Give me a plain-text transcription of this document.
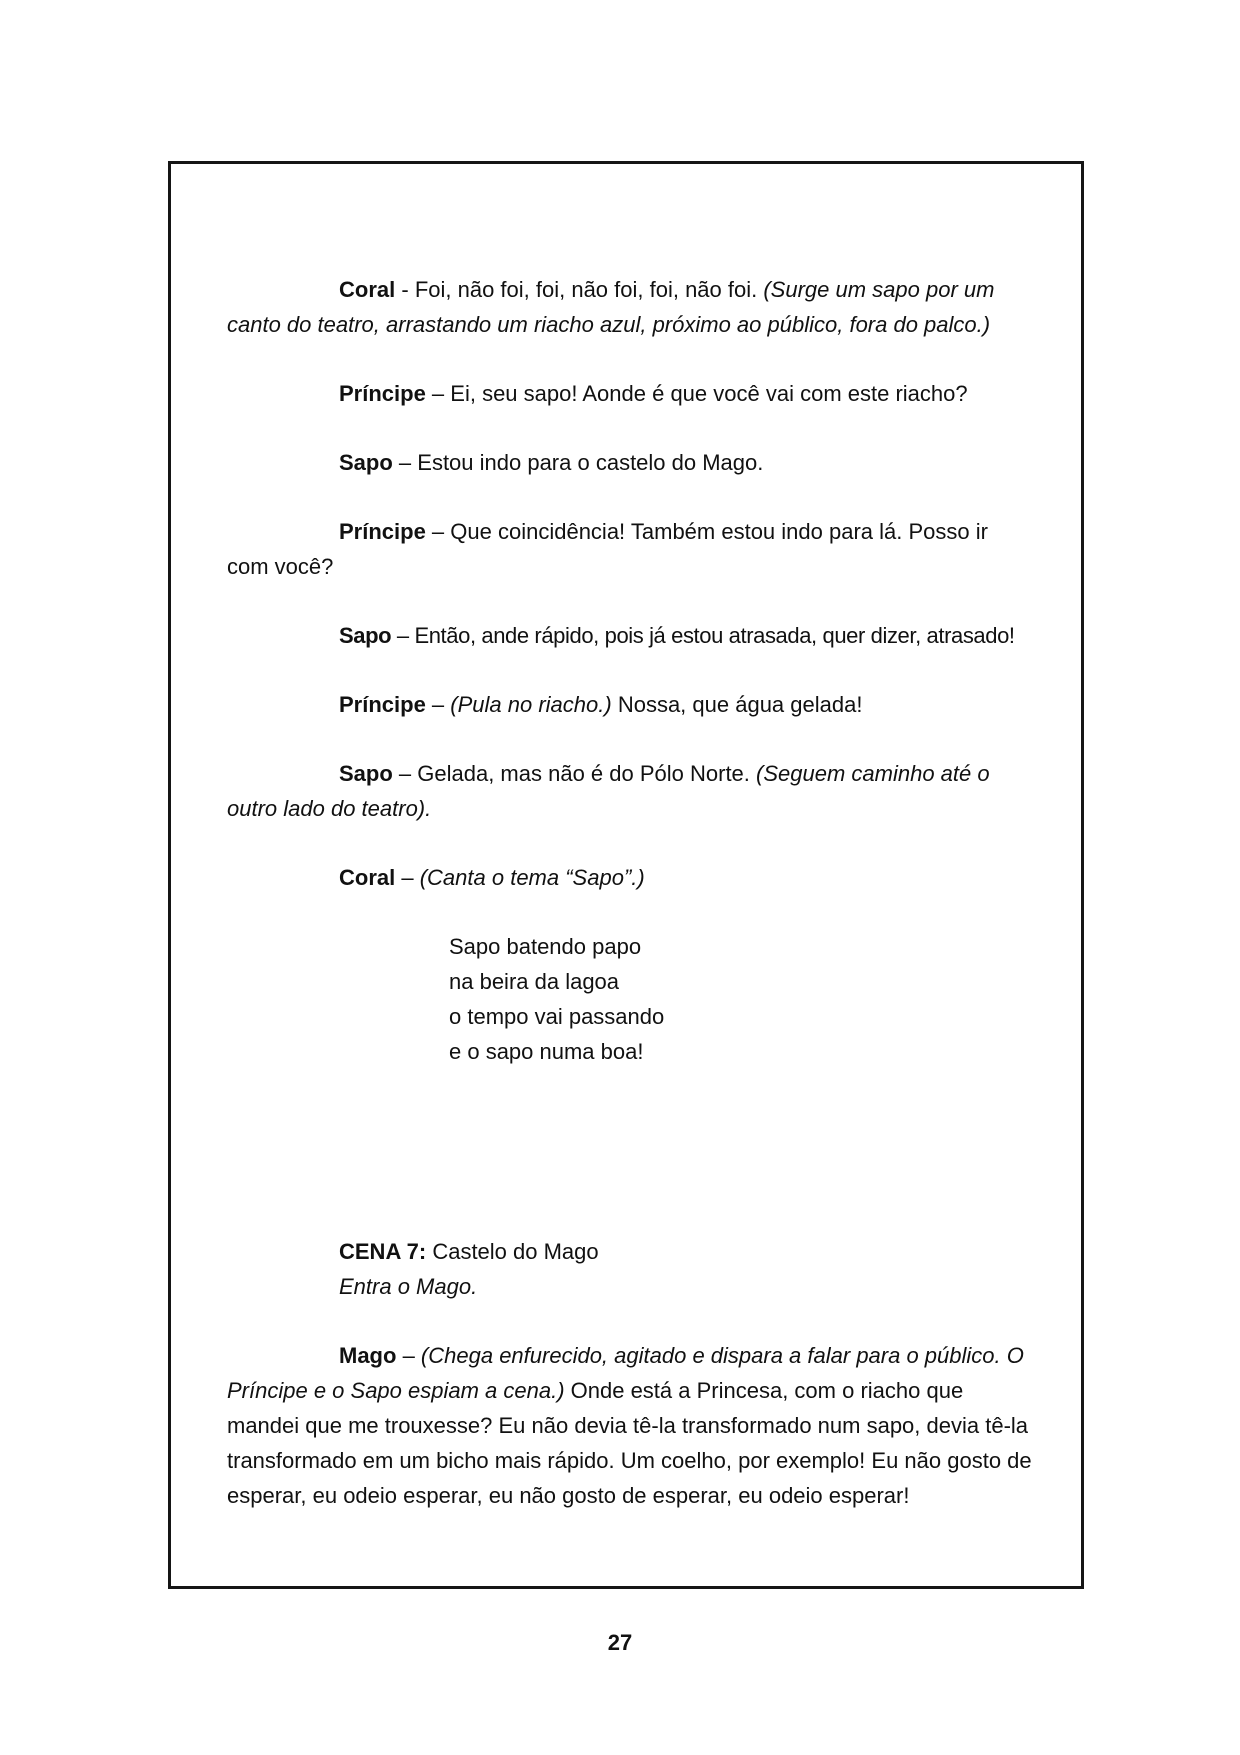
Coral - Foi, não foi, foi, não foi, foi, não foi. (Surge um sapo por um canto do teatro, arrastando um riacho azul, próximo ao público, fora do palco.)

Príncipe – Ei, seu sapo! Aonde é que você vai com este riacho?

Sapo – Estou indo para o castelo do Mago.

Príncipe – Que coincidência! Também estou indo para lá. Posso ir com você?

Sapo – Então, ande rápido, pois já estou atrasada, quer dizer, atrasado!

Príncipe – (Pula no riacho.) Nossa, que água gelada!

Sapo – Gelada, mas não é do Pólo Norte. (Seguem caminho até o outro lado do teatro).

Coral – (Canta o tema “Sapo”.)

Sapo batendo papo
na beira da lagoa
o tempo vai passando
e o sapo numa boa!
CENA 7: Castelo do Mago
Entra o Mago.

Mago – (Chega enfurecido, agitado e dispara a falar para o público. O Príncipe e o Sapo espiam a cena.) Onde está a Princesa, com o riacho que mandei que me trouxesse? Eu não devia tê-la transformado num sapo, devia tê-la transformado em um bicho mais rápido. Um coelho, por exemplo! Eu não gosto de esperar, eu odeio esperar, eu não gosto de esperar, eu odeio esperar!

27
